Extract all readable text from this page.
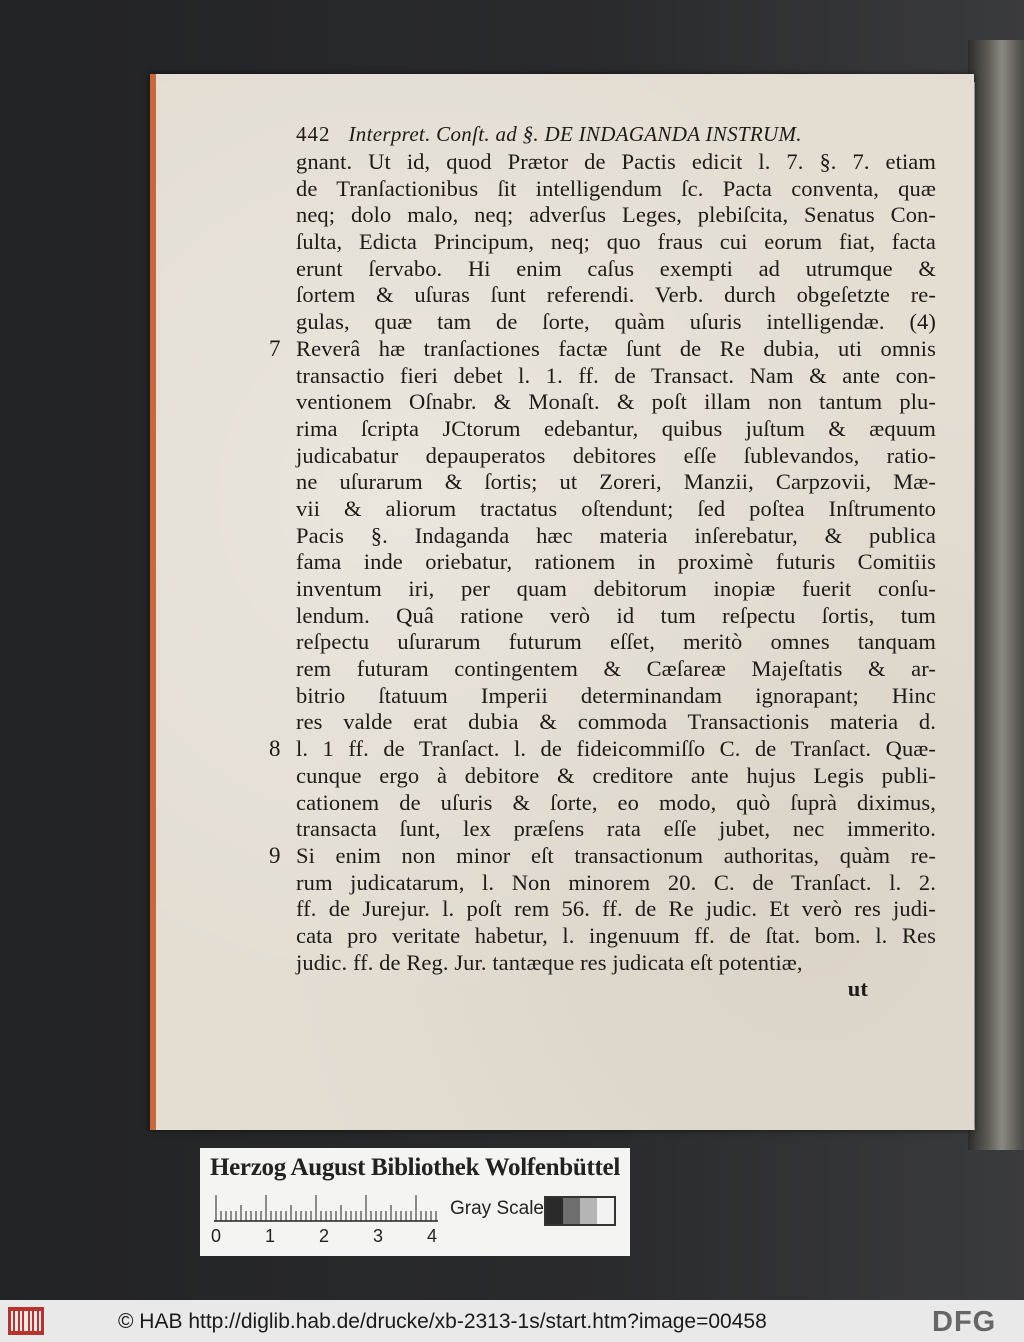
442 Interpret. Conſt. ad §. DE INDAGANDA INSTRUM.
gnant. Ut id, quod Prætor de Pactis edicit l. 7. §. 7. etiam
de Tranſactionibus ſit intelligendum ſc. Pacta conventa, quæ
neq; dolo malo, neq; adverſus Leges, plebiſcita, Senatus Con-
ſulta, Edicta Principum, neq; quo fraus cui eorum fiat, facta
erunt ſervabo. Hi enim caſus exempti ad utrumque &
ſortem & uſuras ſunt referendi. Verb. durch obgeſetzte re-
gulas, quæ tam de ſorte, quàm uſuris intelligendæ. (4)
Reverâ hæ tranſactiones factæ ſunt de Re dubia, uti omnis
transactio fieri debet l. 1. ff. de Transact. Nam & ante con-
ventionem Oſnabr. & Monaſt. & poſt illam non tantum plu-
rima ſcripta JCtorum edebantur, quibus juſtum & æquum
judicabatur depauperatos debitores eſſe ſublevandos, ratio-
ne uſurarum & ſortis; ut Zoreri, Manzii, Carpzovii, Mæ-
vii & aliorum tractatus oſtendunt; ſed poſtea Inſtrumento
Pacis §. Indaganda hæc materia inſerebatur, & publica
fama inde oriebatur, rationem in proximè futuris Comitiis
inventum iri, per quam debitorum inopiæ fuerit conſu-
lendum. Quâ ratione verò id tum reſpectu ſortis, tum
reſpectu uſurarum futurum eſſet, meritò omnes tanquam
rem futuram contingentem & Cæſareæ Majeſtatis & ar-
bitrio ſtatuum Imperii determinandam ignorapant; Hinc
res valde erat dubia & commoda Transactionis materia d.
l. 1 ff. de Tranſact. l. de fideicommiſſo C. de Tranſact. Quæ-
cunque ergo à debitore & creditore ante hujus Legis publi-
cationem de uſuris & ſorte, eo modo, quò ſuprà diximus,
transacta ſunt, lex præſens rata eſſe jubet, nec immerito.
Si enim non minor eſt transactionum authoritas, quàm re-
rum judicatarum, l. Non minorem 20. C. de Tranſact. l. 2.
ff. de Jurejur. l. poſt rem 56. ff. de Re judic. Et verò res judi-
cata pro veritate habetur, l. ingenuum ff. de ſtat. bom. l. Res
judic. ff. de Reg. Jur. tantæque res judicata eſt potentiæ,
ut
7
8
9
Herzog August Bibliothek Wolfenbüttel
0 1 2 3 4
Gray Scale
© HAB http://diglib.hab.de/drucke/xb-2313-1s/start.htm?image=00458	DFG
